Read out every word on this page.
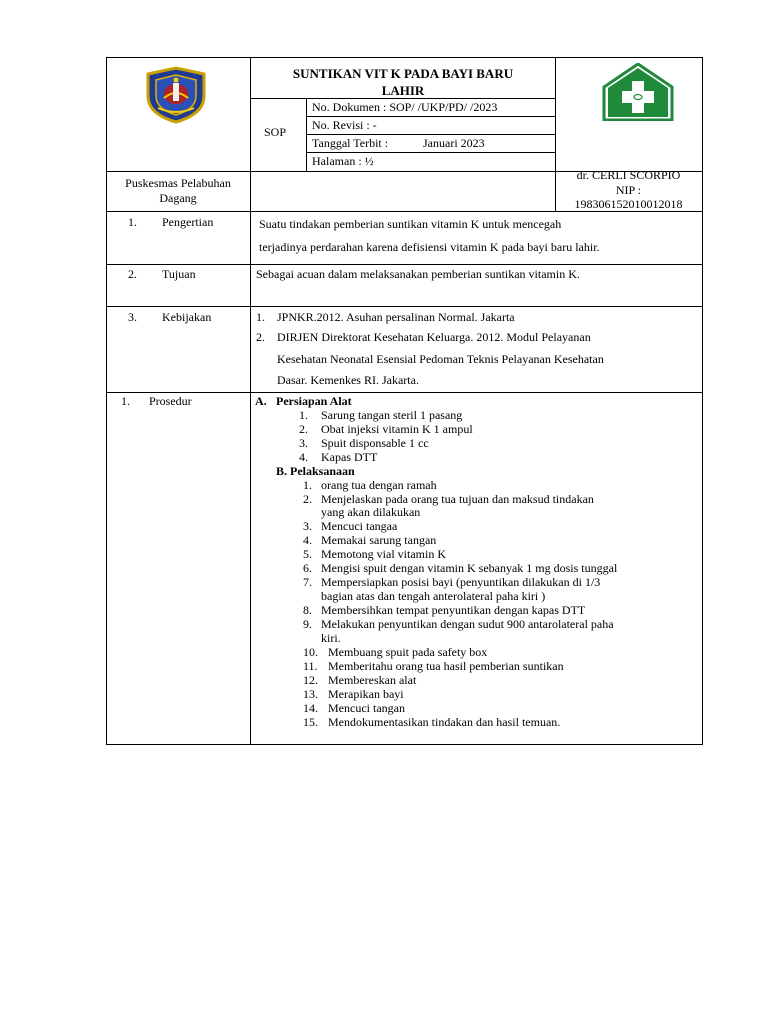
SUNTIKAN VIT K PADA BAYI BARU
LAHIR
SOP
No. Dokumen : SOP/ /UKP/PD/ /2023
No. Revisi : -
Tanggal Terbit :	Januari 2023
Halaman : ½
Puskesmas Pelabuhan
Dagang
dr. CERLI SCORPIO
NIP :
198306152010012018
1. Pengertian	Suatu tindakan pemberian suntikan vitamin K untuk mencegah
terjadinya perdarahan karena defisiensi vitamin K pada bayi baru lahir.
2. Tujuan	Sebagai acuan dalam melaksanakan pemberian suntikan vitamin K.
3. Kebijakan	1. JPNKR.2012. Asuhan persalinan Normal. Jakarta
2. DIRJEN Direktorat Kesehatan Keluarga. 2012. Modul Pelayanan
Kesehatan Neonatal Esensial Pedoman Teknis Pelayanan Kesehatan
Dasar. Kemenkes RI. Jakarta.
1. Prosedur	A. Persiapan Alat
1. Sarung tangan steril 1 pasang
2. Obat injeksi vitamin K 1 ampul
3. Spuit disponsable 1 cc
4. Kapas DTT
B. Pelaksanaan
1. orang tua dengan ramah
2. Menjelaskan pada orang tua tujuan dan maksud tindakan
yang akan dilakukan
3. Mencuci tangaa
4. Memakai sarung tangan
5. Memotong vial vitamin K
6. Mengisi spuit dengan vitamin K sebanyak 1 mg dosis tunggal
7. Mempersiapkan posisi bayi (penyuntikan dilakukan di 1/3
bagian atas dan tengah anterolateral paha kiri )
8. Membersihkan tempat penyuntikan dengan kapas DTT
9. Melakukan penyuntikan dengan sudut 900 antarolateral paha
kiri.
10. Membuang spuit pada safety box
11. Memberitahu orang tua hasil pemberian suntikan
12. Membereskan alat
13. Merapikan bayi
14. Mencuci tangan
15. Mendokumentasikan tindakan dan hasil temuan.
